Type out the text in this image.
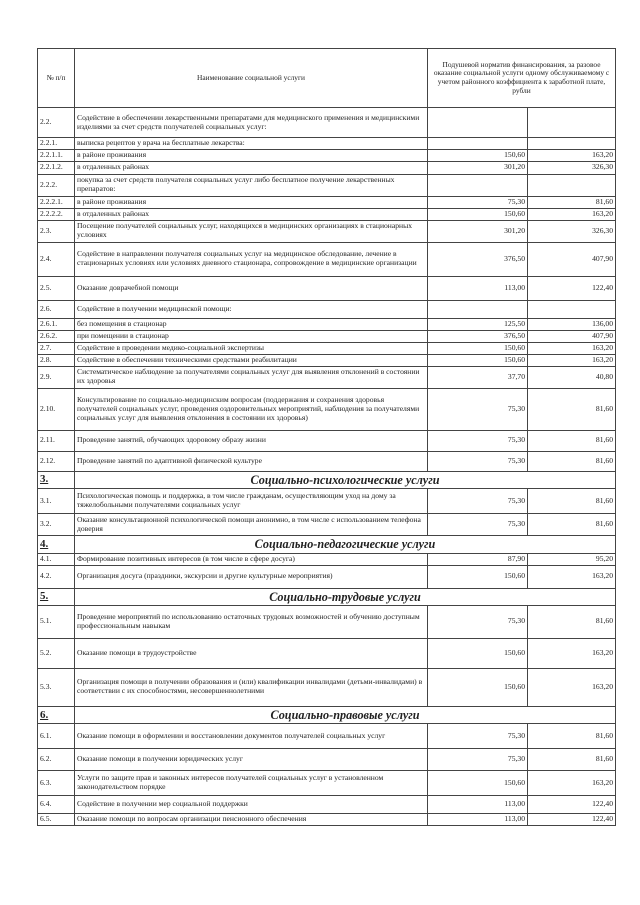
№ п/п	Наименование социальной услуги	Подушевой норматив финансирования, за разовое оказание социальной услуги одному обслуживаемому с учетом районного коэффициента к заработной плате, рубли	
2.2.	Содействие в обеспечении лекарственными препаратами для медицинского применения и медицинскими изделиями за счет средств получателей социальных услуг:		
2.2.1.	выписка рецептов у врача на бесплатные лекарства:		
2.2.1.1.	в районе проживания	150,60	163,20
2.2.1.2.	в отдаленных районах	301,20	326,30
2.2.2.	покупка за счет средств получателя социальных услуг либо бесплатное получение лекарственных препаратов:		
2.2.2.1.	в районе проживания	75,30	81,60
2.2.2.2.	в отдаленных районах	150,60	163,20
2.3.	Посещение получателей социальных услуг, находящихся в медицинских организациях в стационарных условиях	301,20	326,30
2.4.	Содействие в направлении получателя социальных услуг на медицинское обследование, лечение в стационарных условиях или условиях дневного стационара, сопровождение в медицинские организации	376,50	407,90
2.5.	Оказание доврачебной помощи	113,00	122,40
2.6.	Содействие в получении медицинской помощи:		
2.6.1.	без помещения в стационар	125,50	136,00
2.6.2.	при помещении в стационар	376,50	407,90
2.7.	Содействие в проведении медико-социальной экспертизы	150,60	163,20
2.8.	Содействие в обеспечении техническими средствами реабилитации	150,60	163,20
2.9.	Систематическое наблюдение за получателями социальных услуг для выявления отклонений в состоянии их здоровья	37,70	40,80
2.10.	Консультирование по социально-медицинским вопросам (поддержания и сохранения здоровья получателей социальных услуг, проведения оздоровительных мероприятий, наблюдения за получателями социальных услуг для выявления отклонения в состоянии их здоровья)	75,30	81,60
2.11.	Проведение занятий, обучающих здоровому образу жизни	75,30	81,60
2.12.	Проведение занятий по адаптивной физической культуре	75,30	81,60
3.	Социально-психологические услуги		
3.1.	Психологическая помощь и поддержка, в том числе гражданам, осуществляющим уход на дому за тяжелобольными получателями социальных услуг	75,30	81,60
3.2.	Оказание консультационной психологической помощи анонимно, в том числе с использованием телефона доверия	75,30	81,60
4.	Социально-педагогические услуги		
4.1.	Формирование позитивных интересов (в том числе в сфере досуга)	87,90	95,20
4.2.	Организация досуга (праздники, экскурсии и другие культурные мероприятия)	150,60	163,20
5.	Социально-трудовые услуги		
5.1.	Проведение мероприятий по использованию остаточных трудовых возможностей и обучению доступным профессиональным навыкам	75,30	81,60
5.2.	Оказание помощи в трудоустройстве	150,60	163,20
5.3.	Организация помощи в получении образования и (или) квалификации инвалидами (детьми-инвалидами) в соответствии с их способностями, несовершеннолетними	150,60	163,20
6.	Социально-правовые услуги		
6.1.	Оказание помощи в оформлении и восстановлении документов получателей социальных услуг	75,30	81,60
6.2.	Оказание помощи в получении юридических услуг	75,30	81,60
6.3.	Услуги по защите прав и законных интересов получателей социальных услуг в установленном законодательством порядке	150,60	163,20
6.4.	Содействие в получении мер социальной поддержки	113,00	122,40
6.5.	Оказание помощи по вопросам организации пенсионного обеспечения	113,00	122,40
